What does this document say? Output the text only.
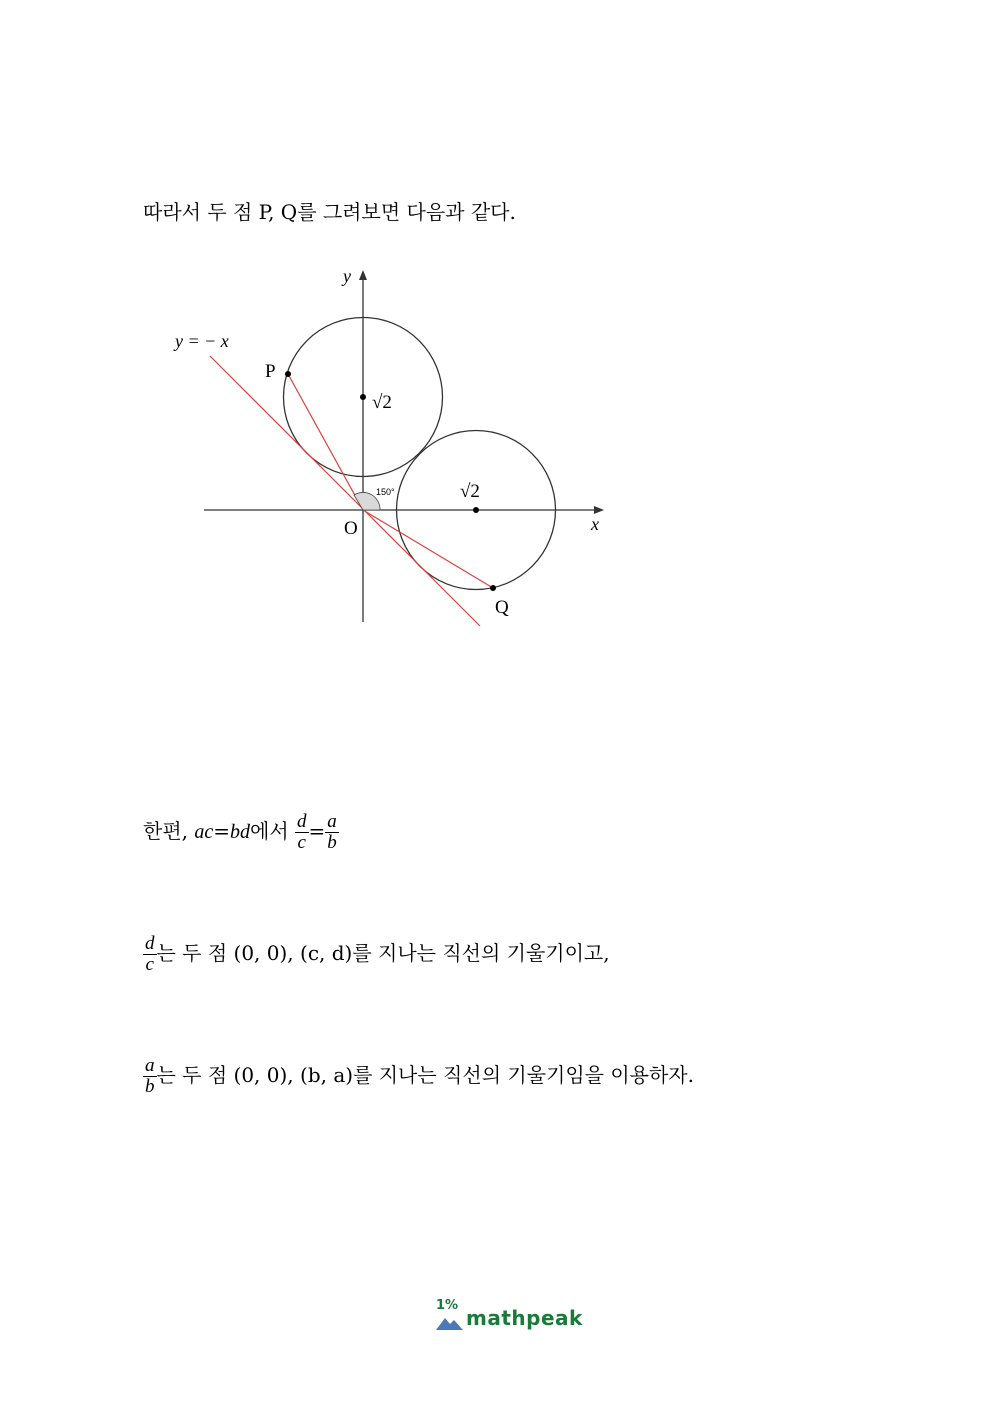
따라서 두 점 P, Q를 그려보면 다음과 같다.
y
x
y = − x
P
Q
O
√2
√2
150°
한편, ac=bd에서 $\frac{d}{c} = \frac{a}{b}$
$\frac{d}{c}$ 는 두 점 (0, 0), (c, d)를 지나는 직선의 기울기이고,
$\frac{a}{b}$ 는 두 점 (0, 0), (b, a)를 지나는 직선의 기울기임을 이용하자.
1%
mathpeak
